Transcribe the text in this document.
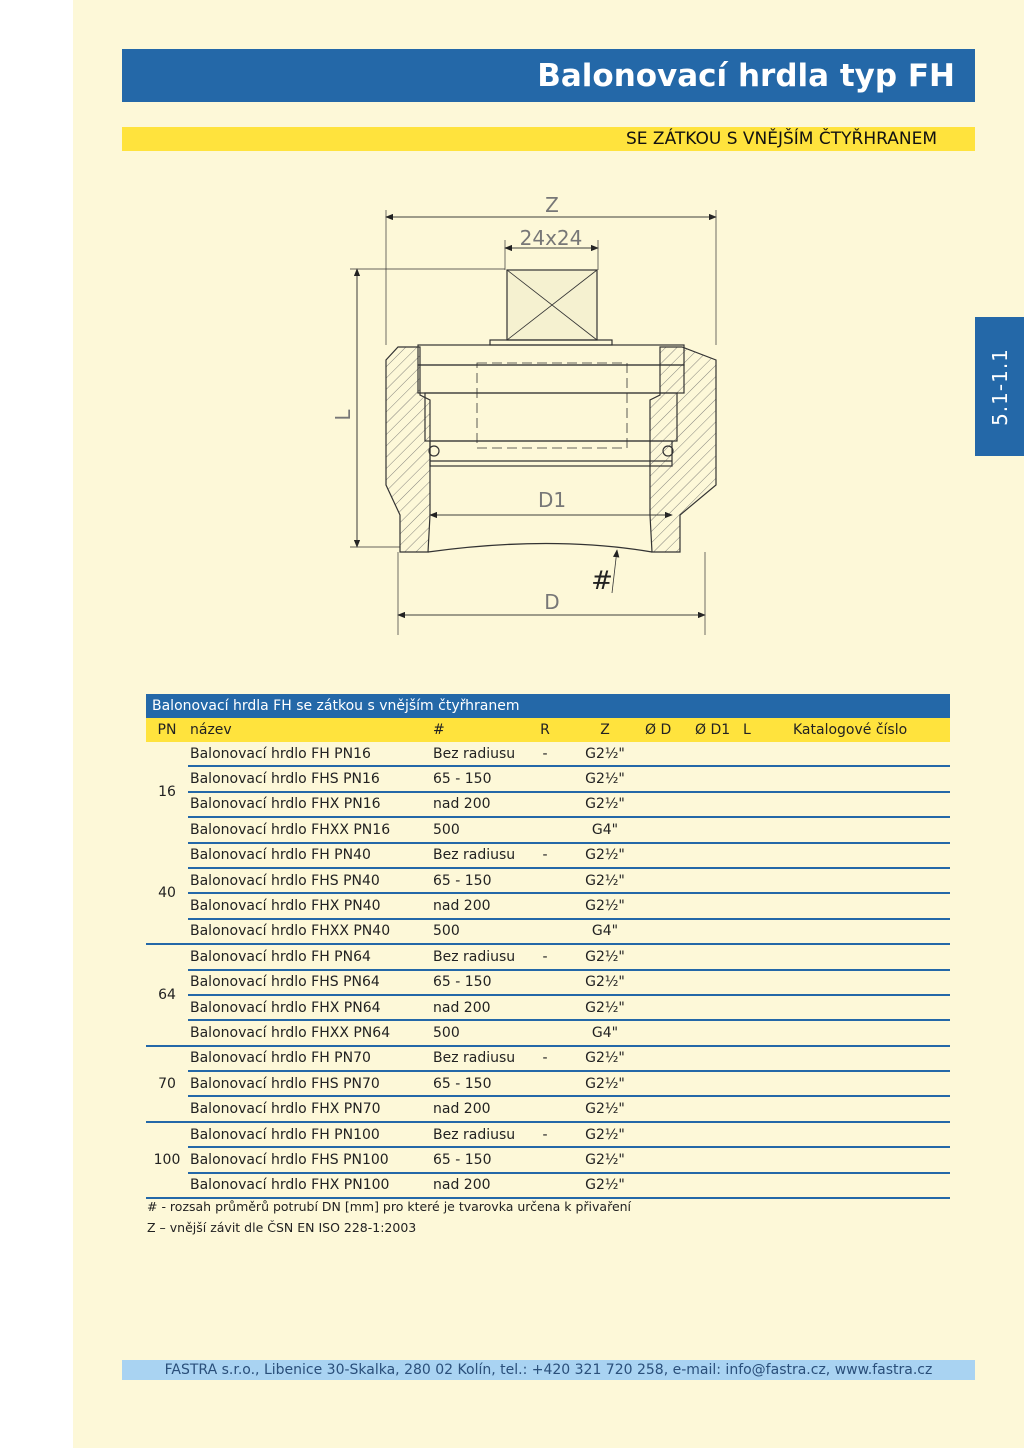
Balonovací hrdla typ FH
SE ZÁTKOU S VNĚJŠÍM ČTYŘHRANEM
5.1-1.1
Z
24x24
L
D1
D
#
Balonovací hrdla FH se zátkou s vnějším čtyřhranem
PN	název	#	R	Z	Ø D	Ø D1	L	Katalogové číslo
16	Balonovací hrdlo FH PN16	Bez radiusu	-	G2½"				
	Balonovací hrdlo FHS PN16	65 - 150		G2½"				
	Balonovací hrdlo FHX PN16	nad 200		G2½"				
	Balonovací hrdlo FHXX PN16	500		G4"				
40	Balonovací hrdlo FH PN40	Bez radiusu	-	G2½"				
	Balonovací hrdlo FHS PN40	65 - 150		G2½"				
	Balonovací hrdlo FHX PN40	nad 200		G2½"				
	Balonovací hrdlo FHXX PN40	500		G4"				
64	Balonovací hrdlo FH PN64	Bez radiusu	-	G2½"				
	Balonovací hrdlo FHS PN64	65 - 150		G2½"				
	Balonovací hrdlo FHX PN64	nad 200		G2½"				
	Balonovací hrdlo FHXX PN64	500		G4"				
70	Balonovací hrdlo FH PN70	Bez radiusu	-	G2½"				
	Balonovací hrdlo FHS PN70	65 - 150		G2½"				
	Balonovací hrdlo FHX PN70	nad 200		G2½"				
100	Balonovací hrdlo FH PN100	Bez radiusu	-	G2½"				
	Balonovací hrdlo FHS PN100	65 - 150		G2½"				
	Balonovací hrdlo FHX PN100	nad 200		G2½"				
# - rozsah průměrů potrubí DN [mm] pro které je tvarovka určena k přivaření
Z – vnější závit dle ČSN EN ISO 228-1:2003
FASTRA s.r.o., Libenice 30-Skalka, 280 02 Kolín, tel.: +420 321 720 258, e-mail: info@fastra.cz, www.fastra.cz
